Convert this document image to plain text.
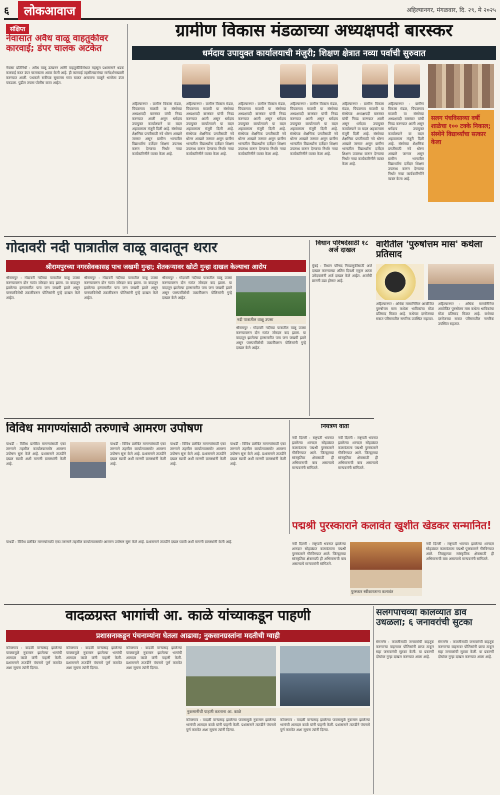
६	लोकआवाज	अहिल्यानगर, मंगळवार, दि. २९, मे २०२५
संक्षिप्त
नेवासात अवैध वाळू वाहतुकीवर कारवाई; डंपर चालक अटकेत
नेवासा प्रतिनिधी : अवैध वाळू उत्खनन आणि वाहतुकीविरोधात महसूल प्रशासनाने धडक कारवाई करत डंपर चालकाला अटक केली आहे. ही कारवाई तहसीलदारांच्या मार्गदर्शनाखाली करण्यात आली. पथकाने रात्रीच्या सुमारास गस्त घालत असताना वाळूने भरलेला डंपर पकडला. पुढील तपास पोलीस करत आहेत.
ग्रामीण विकास मंडळाच्या अध्यक्षपदी बारस्कर
धर्मदाय उपायुक्त कार्यालयाची मंजुरी; शिक्षण क्षेत्रात नव्या पर्वाची सुरुवात
अहिल्यानगर : ग्रामीण विकास मंडळ, पिंपळगाव माळवी या संस्थेच्या अध्यक्षपदी बारस्कर यांची निवड करण्यात आली असून धर्मदाय उपायुक्त कार्यालयाने या बदल अहवालाला मंजुरी दिली आहे. संस्थेच्या शैक्षणिक प्रगतीसाठी नवे धोरण आखले जाणार असून ग्रामीण भागातील विद्यार्थ्यांना दर्जेदार शिक्षण उपलब्ध करून देण्याचा निर्धार नव्या कार्यकारिणीने व्यक्त केला आहे.
अहिल्यानगर : ग्रामीण विकास मंडळ, पिंपळगाव माळवी या संस्थेच्या अध्यक्षपदी बारस्कर यांची निवड करण्यात आली असून धर्मदाय उपायुक्त कार्यालयाने या बदल अहवालाला मंजुरी दिली आहे. संस्थेच्या शैक्षणिक प्रगतीसाठी नवे धोरण आखले जाणार असून ग्रामीण भागातील विद्यार्थ्यांना दर्जेदार शिक्षण उपलब्ध करून देण्याचा निर्धार नव्या कार्यकारिणीने व्यक्त केला आहे.
अहिल्यानगर : ग्रामीण विकास मंडळ, पिंपळगाव माळवी या संस्थेच्या अध्यक्षपदी बारस्कर यांची निवड करण्यात आली असून धर्मदाय उपायुक्त कार्यालयाने या बदल अहवालाला मंजुरी दिली आहे. संस्थेच्या शैक्षणिक प्रगतीसाठी नवे धोरण आखले जाणार असून ग्रामीण भागातील विद्यार्थ्यांना दर्जेदार शिक्षण उपलब्ध करून देण्याचा निर्धार नव्या कार्यकारिणीने व्यक्त केला आहे.
अहिल्यानगर : ग्रामीण विकास मंडळ, पिंपळगाव माळवी या संस्थेच्या अध्यक्षपदी बारस्कर यांची निवड करण्यात आली असून धर्मदाय उपायुक्त कार्यालयाने या बदल अहवालाला मंजुरी दिली आहे. संस्थेच्या शैक्षणिक प्रगतीसाठी नवे धोरण आखले जाणार असून ग्रामीण भागातील विद्यार्थ्यांना दर्जेदार शिक्षण उपलब्ध करून देण्याचा निर्धार नव्या कार्यकारिणीने व्यक्त केला आहे.
अहिल्यानगर : ग्रामीण विकास मंडळ, पिंपळगाव माळवी या संस्थेच्या अध्यक्षपदी बारस्कर यांची निवड करण्यात आली असून धर्मदाय उपायुक्त कार्यालयाने या बदल अहवालाला मंजुरी दिली आहे. संस्थेच्या शैक्षणिक प्रगतीसाठी नवे धोरण आखले जाणार असून ग्रामीण भागातील विद्यार्थ्यांना दर्जेदार शिक्षण उपलब्ध करून देण्याचा निर्धार नव्या कार्यकारिणीने व्यक्त केला आहे.
अहिल्यानगर : ग्रामीण विकास मंडळ, पिंपळगाव माळवी या संस्थेच्या अध्यक्षपदी बारस्कर यांची निवड करण्यात आली असून धर्मदाय उपायुक्त कार्यालयाने या बदल अहवालाला मंजुरी दिली आहे. संस्थेच्या शैक्षणिक प्रगतीसाठी नवे धोरण आखले जाणार असून ग्रामीण भागातील विद्यार्थ्यांना दर्जेदार शिक्षण उपलब्ध करून देण्याचा निर्धार नव्या कार्यकारिणीने व्यक्त केला आहे.
सलग पंचविसाव्या वर्षी शाळेचा १०० टक्के निकाल; संस्थेने विद्यार्थ्यांचा सत्कार केला
गोदावरी नदी पात्रातील वाळू वादातून थरार
श्रीरामपुरच्या नगरसेवकासह पाच जखमी गुन्हा; शेतकऱ्यावर खोटी गुन्हा दाखल केल्याचा आरोप
श्रीरामपुर : गोदावरी नदीच्या पात्रातील वाळू उपसा करण्यावरून दोन गटांत जोरदार वाद झाला. या वादातून झालेल्या हाणामारीत पाच जण जखमी झाले असून परस्परविरोधी तक्रारींवरून पोलिसांनी गुन्हे दाखल केले आहेत.
श्रीरामपुर : गोदावरी नदीच्या पात्रातील वाळू उपसा करण्यावरून दोन गटांत जोरदार वाद झाला. या वादातून झालेल्या हाणामारीत पाच जण जखमी झाले असून परस्परविरोधी तक्रारींवरून पोलिसांनी गुन्हे दाखल केले आहेत.
श्रीरामपुर : गोदावरी नदीच्या पात्रातील वाळू उपसा करण्यावरून दोन गटांत जोरदार वाद झाला. या वादातून झालेल्या हाणामारीत पाच जण जखमी झाले असून परस्परविरोधी तक्रारींवरून पोलिसांनी गुन्हे दाखल केले आहेत.
नदी पात्रातील वाळू उपसा
श्रीरामपुर : गोदावरी नदीच्या पात्रातील वाळू उपसा करण्यावरून दोन गटांत जोरदार वाद झाला. या वादातून झालेल्या हाणामारीत पाच जण जखमी झाले असून परस्परविरोधी तक्रारींवरून पोलिसांनी गुन्हे दाखल केले आहेत.
विधान परिषदेसाठी १८ अर्ज दाखल
मुंबई : विधान परिषद निवडणुकीसाठी अर्ज दाखल करण्याच्या अंतिम दिवशी एकूण अठरा उमेदवारांनी अर्ज दाखल केले आहेत. अर्जांची छाननी उद्या होणार आहे.
वारीतील 'पुरुषोत्तम मास' कथेला प्रतिसाद
अहिल्यानगर : अधिक मासानिमित्त आयोजित पुरुषोत्तम मास कथेला भाविकांचा मोठा प्रतिसाद मिळत आहे. कथेच्या दररोजच्या सत्रात परिसरातील नागरिक उपस्थित राहतात.
अहिल्यानगर : अधिक मासानिमित्त आयोजित पुरुषोत्तम मास कथेला भाविकांचा मोठा प्रतिसाद मिळत आहे. कथेच्या दररोजच्या सत्रात परिसरातील नागरिक उपस्थित राहतात.
विविध मागण्यांसाठी तरुणाचे आमरण उपोषण
पाथर्डी : विविध प्रलंबित मागण्यांसाठी एका तरुणाने तहसील कार्यालयासमोर आमरण उपोषण सुरू केले आहे. प्रशासनाने तातडीने दखल घ्यावी अशी मागणी ग्रामस्थांनी केली आहे.
पाथर्डी : विविध प्रलंबित मागण्यांसाठी एका तरुणाने तहसील कार्यालयासमोर आमरण उपोषण सुरू केले आहे. प्रशासनाने तातडीने दखल घ्यावी अशी मागणी ग्रामस्थांनी केली आहे.
पाथर्डी : विविध प्रलंबित मागण्यांसाठी एका तरुणाने तहसील कार्यालयासमोर आमरण उपोषण सुरू केले आहे. प्रशासनाने तातडीने दखल घ्यावी अशी मागणी ग्रामस्थांनी केली आहे.
पाथर्डी : विविध प्रलंबित मागण्यांसाठी एका तरुणाने तहसील कार्यालयासमोर आमरण उपोषण सुरू केले आहे. प्रशासनाने तातडीने दखल घ्यावी अशी मागणी ग्रामस्थांनी केली आहे.
नियंत्रण वार्ता
नवी दिल्ली : राष्ट्रपती भवनात झालेल्या शानदार सोहळ्यात कलावंताला पद्मश्री पुरस्काराने गौरविण्यात आले. जिल्ह्याच्या सांस्कृतिक क्षेत्रासाठी ही अभिमानाची बाब असल्याचे मान्यवरांनी सांगितले.
नवी दिल्ली : राष्ट्रपती भवनात झालेल्या शानदार सोहळ्यात कलावंताला पद्मश्री पुरस्काराने गौरविण्यात आले. जिल्ह्याच्या सांस्कृतिक क्षेत्रासाठी ही अभिमानाची बाब असल्याचे मान्यवरांनी सांगितले.
पद्मश्री पुरस्काराने कलावंत खुशीत खेडकर सन्मानित!
नवी दिल्ली : राष्ट्रपती भवनात झालेल्या शानदार सोहळ्यात कलावंताला पद्मश्री पुरस्काराने गौरविण्यात आले. जिल्ह्याच्या सांस्कृतिक क्षेत्रासाठी ही अभिमानाची बाब असल्याचे मान्यवरांनी सांगितले.
पुरस्कार स्वीकारताना कलावंत
नवी दिल्ली : राष्ट्रपती भवनात झालेल्या शानदार सोहळ्यात कलावंताला पद्मश्री पुरस्काराने गौरविण्यात आले. जिल्ह्याच्या सांस्कृतिक क्षेत्रासाठी ही अभिमानाची बाब असल्याचे मान्यवरांनी सांगितले.
पाथर्डी : विविध प्रलंबित मागण्यांसाठी एका तरुणाने तहसील कार्यालयासमोर आमरण उपोषण सुरू केले आहे. प्रशासनाने तातडीने दखल घ्यावी अशी मागणी ग्रामस्थांनी केली आहे.
वादळग्रस्त भागांची आ. काळे यांच्याकडून पाहणी
प्रशासनाकडून पंचनाम्यांना घेतला आढावा; नुकसानग्रस्तांना मदतीची ग्वाही
कोपरगाव : वादळी वाऱ्यासह झालेल्या पावसामुळे नुकसान झालेल्या भागांची आमदार काळे यांनी पाहणी केली. प्रशासनाने तातडीने पंचनामे पूर्ण करावेत अशा सूचना त्यांनी दिल्या.
कोपरगाव : वादळी वाऱ्यासह झालेल्या पावसामुळे नुकसान झालेल्या भागांची आमदार काळे यांनी पाहणी केली. प्रशासनाने तातडीने पंचनामे पूर्ण करावेत अशा सूचना त्यांनी दिल्या.
कोपरगाव : वादळी वाऱ्यासह झालेल्या पावसामुळे नुकसान झालेल्या भागांची आमदार काळे यांनी पाहणी केली. प्रशासनाने तातडीने पंचनामे पूर्ण करावेत अशा सूचना त्यांनी दिल्या.
नुकसानीची पाहणी करताना आ. काळे
कोपरगाव : वादळी वाऱ्यासह झालेल्या पावसामुळे नुकसान झालेल्या भागांची आमदार काळे यांनी पाहणी केली. प्रशासनाने तातडीने पंचनामे पूर्ण करावेत अशा सूचना त्यांनी दिल्या.
कोपरगाव : वादळी वाऱ्यासह झालेल्या पावसामुळे नुकसान झालेल्या भागांची आमदार काळे यांनी पाहणी केली. प्रशासनाने तातडीने पंचनामे पूर्ण करावेत अशा सूचना त्यांनी दिल्या.
सलगपाचव्या कालव्यात डाव उधळला; ६ जनावरांची सुटका
संगमनेर : कत्तलीसाठी जनावरांची वाहतूक करणाऱ्या वाहनावर पोलिसांनी छापा टाकून सहा जनावरांची सुटका केली. या प्रकरणी दोघांवर गुन्हा दाखल करण्यात आला आहे.
संगमनेर : कत्तलीसाठी जनावरांची वाहतूक करणाऱ्या वाहनावर पोलिसांनी छापा टाकून सहा जनावरांची सुटका केली. या प्रकरणी दोघांवर गुन्हा दाखल करण्यात आला आहे.
